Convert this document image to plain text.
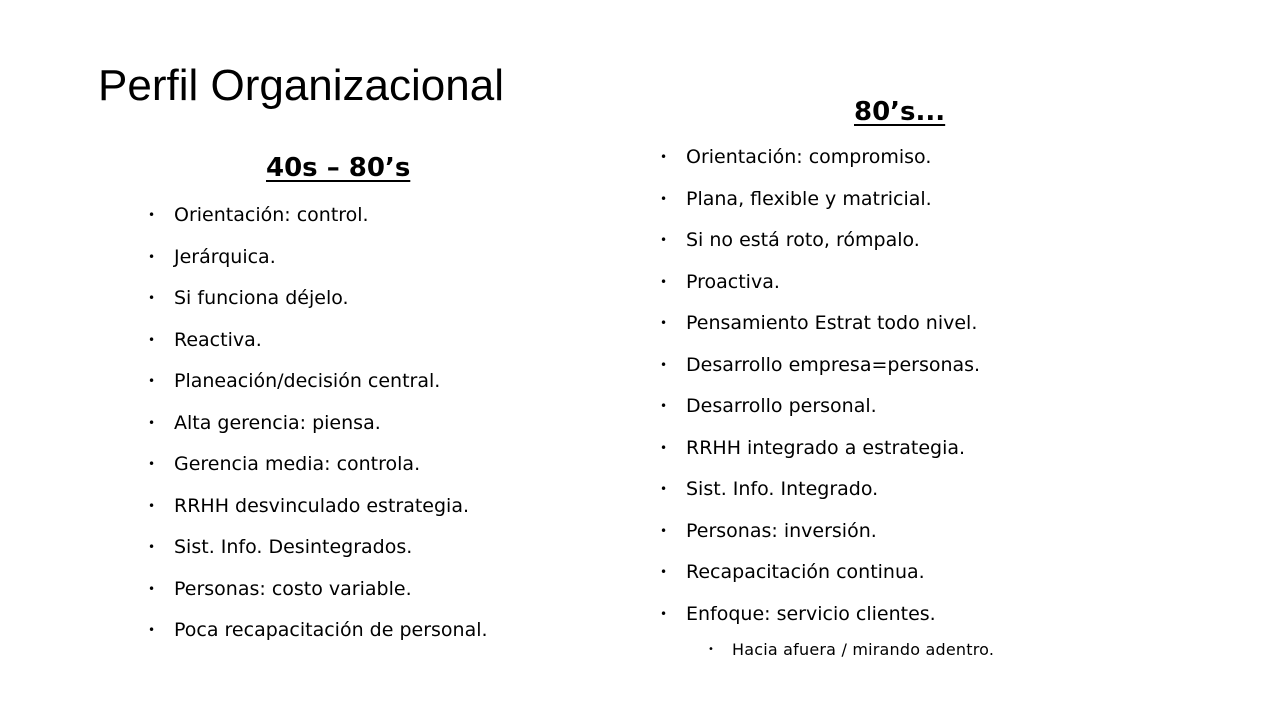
Perfil Organizacional
40s – 80’s
• Orientación: control.
• Jerárquica.
• Si funciona déjelo.
• Reactiva.
• Planeación/decisión central.
• Alta gerencia: piensa.
• Gerencia media: controla.
• RRHH desvinculado estrategia.
• Sist. Info. Desintegrados.
• Personas: costo variable.
• Poca recapacitación de personal.
80’s...
• Orientación: compromiso.
• Plana, flexible y matricial.
• Si no está roto, rómpalo.
• Proactiva.
• Pensamiento Estrat todo nivel.
• Desarrollo empresa=personas.
• Desarrollo personal.
• RRHH integrado a estrategia.
• Sist. Info. Integrado.
• Personas: inversión.
• Recapacitación continua.
• Enfoque: servicio clientes.
• Hacia afuera / mirando adentro.
